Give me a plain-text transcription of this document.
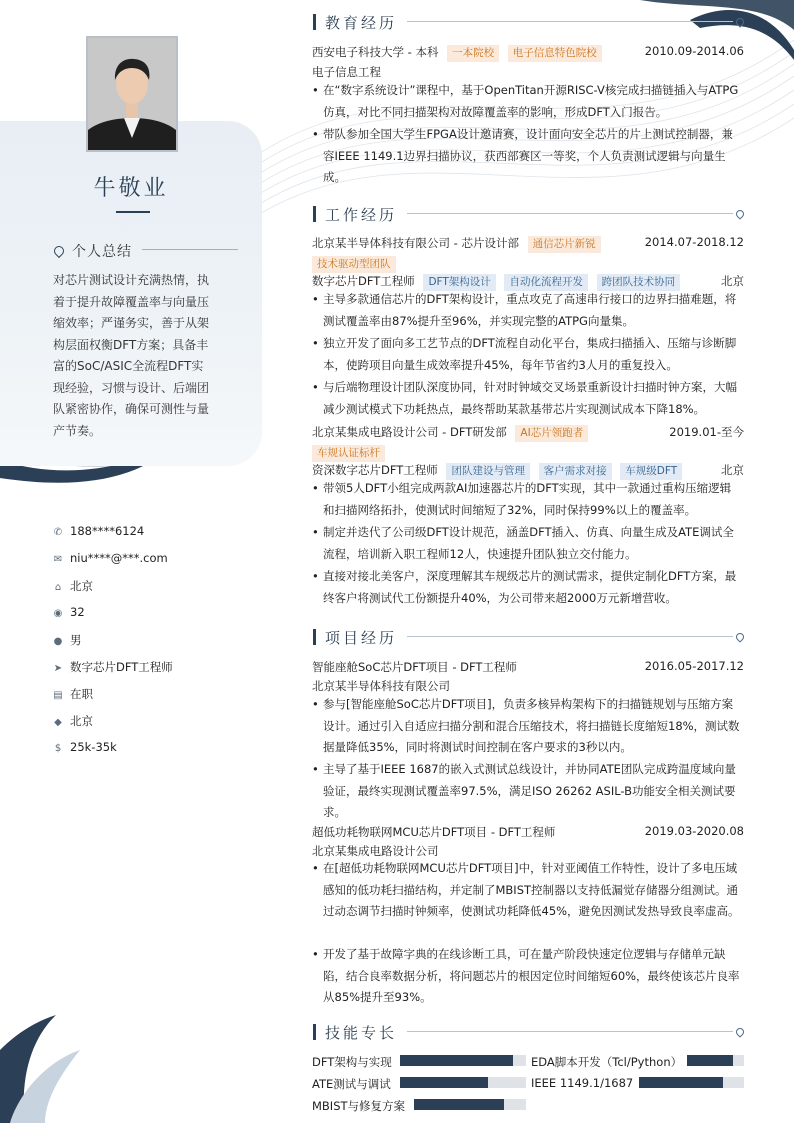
牛敬业
个人总结
对芯片测试设计充满热情，执着于提升故障覆盖率与向量压缩效率；严谨务实，善于从架构层面权衡DFT方案；具备丰富的SoC/ASIC全流程DFT实现经验，习惯与设计、后端团队紧密协作，确保可测性与量产节奏。
✆ 188****6124
✉ niu****@***.com
⌂ 北京
◉ 32
● 男
➤ 数字芯片DFT工程师
▤ 在职
◆ 北京
$ 25k-35k
教育经历
西安电子科技大学 - 本科 一本院校 电子信息特色院校	2010.09-2014.06
电子信息工程
• 在“数字系统设计”课程中，基于OpenTitan开源RISC-V核完成扫描链插入与ATPG仿真，对比不同扫描架构对故障覆盖率的影响，形成DFT入门报告。
• 带队参加全国大学生FPGA设计邀请赛，设计面向安全芯片的片上测试控制器，兼容IEEE 1149.1边界扫描协议，获西部赛区一等奖，个人负责测试逻辑与向量生成。
工作经历
北京某半导体科技有限公司 - 芯片设计部 通信芯片新锐	2014.07-2018.12
技术驱动型团队
数字芯片DFT工程师 DFT架构设计 自动化流程开发 跨团队技术协同	北京
• 主导多款通信芯片的DFT架构设计，重点攻克了高速串行接口的边界扫描难题，将测试覆盖率由87%提升至96%，并实现完整的ATPG向量集。
• 独立开发了面向多工艺节点的DFT流程自动化平台，集成扫描插入、压缩与诊断脚本，使跨项目向量生成效率提升45%，每年节省约3人月的重复投入。
• 与后端物理设计团队深度协同，针对时钟域交叉场景重新设计扫描时钟方案，大幅减少测试模式下功耗热点，最终帮助某款基带芯片实现测试成本下降18%。
北京某集成电路设计公司 - DFT研发部 AI芯片领跑者	2019.01-至今
车规认证标杆
资深数字芯片DFT工程师 团队建设与管理 客户需求对接 车规级DFT	北京
• 带领5人DFT小组完成两款AI加速器芯片的DFT实现，其中一款通过重构压缩逻辑和扫描网络拓扑，使测试时间缩短了32%，同时保持99%以上的覆盖率。
• 制定并迭代了公司级DFT设计规范，涵盖DFT插入、仿真、向量生成及ATE调试全流程，培训新入职工程师12人，快速提升团队独立交付能力。
• 直接对接北美客户，深度理解其车规级芯片的测试需求，提供定制化DFT方案，最终客户将测试代工份额提升40%，为公司带来超2000万元新增营收。
项目经历
智能座舱SoC芯片DFT项目 - DFT工程师	2016.05-2017.12
北京某半导体科技有限公司
• 参与[智能座舱SoC芯片DFT项目]，负责多核异构架构下的扫描链规划与压缩方案设计。通过引入自适应扫描分割和混合压缩技术，将扫描链长度缩短18%，测试数据量降低35%，同时将测试时间控制在客户要求的3秒以内。
• 主导了基于IEEE 1687的嵌入式测试总线设计，并协同ATE团队完成跨温度域向量验证，最终实现测试覆盖率97.5%，满足ISO 26262 ASIL-B功能安全相关测试要求。
超低功耗物联网MCU芯片DFT项目 - DFT工程师	2019.03-2020.08
北京某集成电路设计公司
• 在[超低功耗物联网MCU芯片DFT项目]中，针对亚阈值工作特性，设计了多电压域感知的低功耗扫描结构，并定制了MBIST控制器以支持低漏觉存储器分组测试。通过动态调节扫描时钟频率，使测试功耗降低45%，避免因测试发热导致良率虚高。
• 开发了基于故障字典的在线诊断工具，可在量产阶段快速定位逻辑与存储单元缺陷，结合良率数据分析，将问题芯片的根因定位时间缩短60%，最终使该芯片良率从85%提升至93%。
技能专长
DFT架构与实现	EDA脚本开发（Tcl/Python）
ATE测试与调试	IEEE 1149.1/1687
MBIST与修复方案
